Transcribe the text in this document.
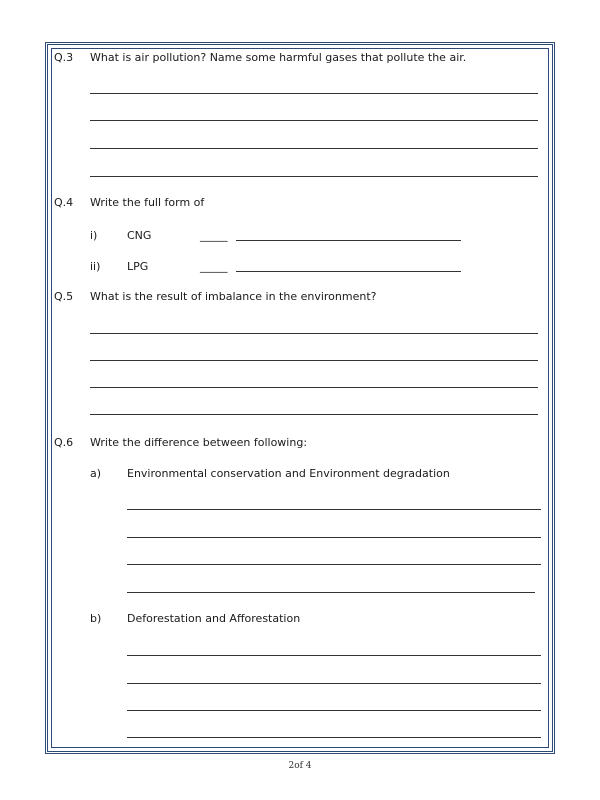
Q.3 What is air pollution? Name some harmful gases that pollute the air.
Q.4 Write the full form of
i)	CNG	_____
ii) LPG	_____
Q.5 What is the result of imbalance in the environment?
Q.6 Write the difference between following:
a) Environmental conservation and Environment degradation
b) Deforestation and Afforestation
2of 4
